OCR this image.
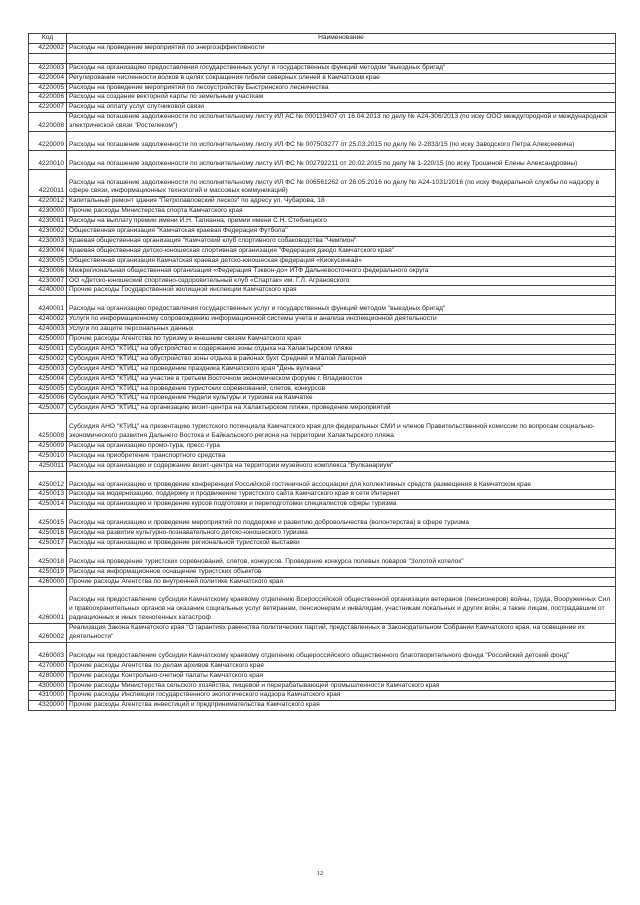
Код	Наименование
4220002	Расходы на проведение мероприятий по энергоэффективности

4220003	Расходы на организацию предоставления государственных услуг и государственных функций методом "выездных бригад"
4220004	Регулирование численности волков в целях сокращения гибели северных оленей в Камчатском крае
4220005	Расходы на проведение мероприятий по лесоустройству Быстринского лесничества
4220006	Расходы на создание векторной карты по земельным участкам
4220007	Расходы на оплату услуг спутниковой связи
4220008	Расходы на погашение задолженности по исполнительному листу ИЛ АС № 000119407 от 16.04.2013 по делу № А24-306/2013 (по иску ООО междугородной и международной электрической связи "Ростелеком")
4220009	Расходы на погашение задолженности по исполнительному листу ИЛ ФС № 007503277 от 25.03.2015 по делу № 2-2833/15 (по иску Заводского Петра Алексеевича)
4220010	Расходы на погашение задолженности по исполнительному листу ИЛ ФС № 002792211 от 20.02.2015 по делу № 1-220/15 (по иску Трошиной Елены Александровны)
4220011	Расходы на погашение задолженности по исполнительному листу ИЛ ФС № 006561262 от 26.05.2016 по делу № А24-1031/2016 (по иску Федеральной службы по надзору в сфере связи, информационных технологий и массовых коммуникаций)
4220012	Капитальный ремонт здания "Петропавловский лескоз" по адресу ул. Чубарова, 18
4230000	Прочие расходы Министерства спорта Камчатского края
4230001	Расходы на выплату премии имени И.Н. Тапианна, премии имени С.Н. Стебницкого
4230002	Общественная организация "Камчатская краевая Федерация Футбола"
4230003	Краевая общественная организация "Камчатский клуб спортивного собаководства "Чемпион"
4230004	Краевая общественная детско-юношеская спортивная организация "Федерация дзюдо Камчатского края"
4230005	Общественная организация Камчатская краевая детско-юношеская федерация «Киокусинкай»
4230006	Межрегиональная общественная организация «Федерация Тэквон-до» ИТФ Дальневосточного федерального округа
4230007	ОО «Детско-юношеский спортивно-оздоровительный клуб «Спартак» им. Г.Л. Аграновского
4240000	Прочие расходы Государственной жилищной инспекции Камчатского края
4240001	Расходы на организацию предоставления государственных услуг и государственных функций методом "выездных бригад"
4240002	Услуги по информационному сопровождению информационной системы учета и анализа инспекционной деятельности
4240003	Услуги по защите персональных данных
4250000	Прочие расходы Агентства по туризму и внешним связям Камчатского края
4250001	Субсидия АНО "КТИЦ" на обустройство и содержание зоны отдыха на Халактырском пляже
4250002	Субсидия АНО "КТИЦ" на обустройство зоны отдыха в районах бухт Средней и Малой Лагерной
4250003	Субсидия АНО "КТИЦ" на проведение праздника Камчатского края "День вулкана"
4250004	Субсидия АНО "КТИЦ" на участие в третьем Восточном экономическом форуме г. Владивосток
4250005	Субсидия АНО "КТИЦ" на проведение туристских соревнований, слетов, конкурсов
4250006	Субсидия АНО "КТИЦ" на проведение Недели культуры и туризма на Камчатке
4250007	Субсидия АНО "КТИЦ" на организацию визит-центра на Халактырском пляже, проведение мероприятий
4250008	Субсидия АНО "КТИЦ" на презентацию туристского потенциала Камчатского края для федеральных СМИ и членов Правительственной комиссии по вопросам социально-экономического развития Дальнего Востока и Байкальского региона на территории Халактырского пляжа
4250009	Расходы на организацию промо-тура, пресс-тура
4250010	Расходы на приобретение транспортного средства
4250011	Расходы на организацию и содержание визит-центра на территории музейного комплекса "Вулканариум"
4250012	Расходы на организацию и проведение конференции Российской гостиничной ассоциации для коллективных средств размещения в Камчатском крае
4250013	Расходы на модернизацию, поддержку и продвижение туристского сайта Камчатского края в сети Интернет
4250014	Расходы на организацию и проведение курсов подготовки и переподготовки специалистов сферы туризма
4250015	Расходы на организацию и проведение мероприятий по поддержке и развитию добровольчества (волонтерства) в сфере туризма
4250016	Расходы на развитие культурно-познавательного детско-юношеского туризма
4250017	Расходы на организацию и проведение региональной туристской выставки
4250018	Расходы на проведение туристских соревнований, слетов, конкурсов. Проведение конкурса полевых поваров "Золотой котелок"
4250019	Расходы на информационное оснащение туристских объектов
4260000	Прочие расходы Агентства по внутренней политике Камчатского края
4260001	Расходы на предоставление субсидии Камчатскому краевому отделению Всероссийской общественной организации ветеранов (пенсионеров) войны, труда, Вооруженных Сил и правоохранительных органов на оказание социальных услуг ветеранам, пенсионерам и инвалидам, участникам локальных и других войн, а также лицам, пострадавшим от радиационных и иных техногенных катастроф
4260002	Реализация Закона Камчатского края "О гарантиях равенства политических партий, представленных в Законодательном Собрании Камчатского края, на освещение их деятельности"
4260003	Расходы на предоставление субсидии Камчатскому краевому отделению общероссийского общественного благотворительного фонда "Российский детский фонд"
4270000	Прочие расходы Агентства по делам архивов Камчатского края
4280000	Прочие расходы Контрольно-счетной палаты Камчатского края
4300000	Прочие расходы Министерства сельского хозяйства, пищевой и перерабатывающей промышленности Камчатского края
4310000	Прочие расходы Инспекции государственного экологического надзора Камчатского края
4320000	Прочие расходы Агентства инвестиций и предпринимательства Камчатского края
12
